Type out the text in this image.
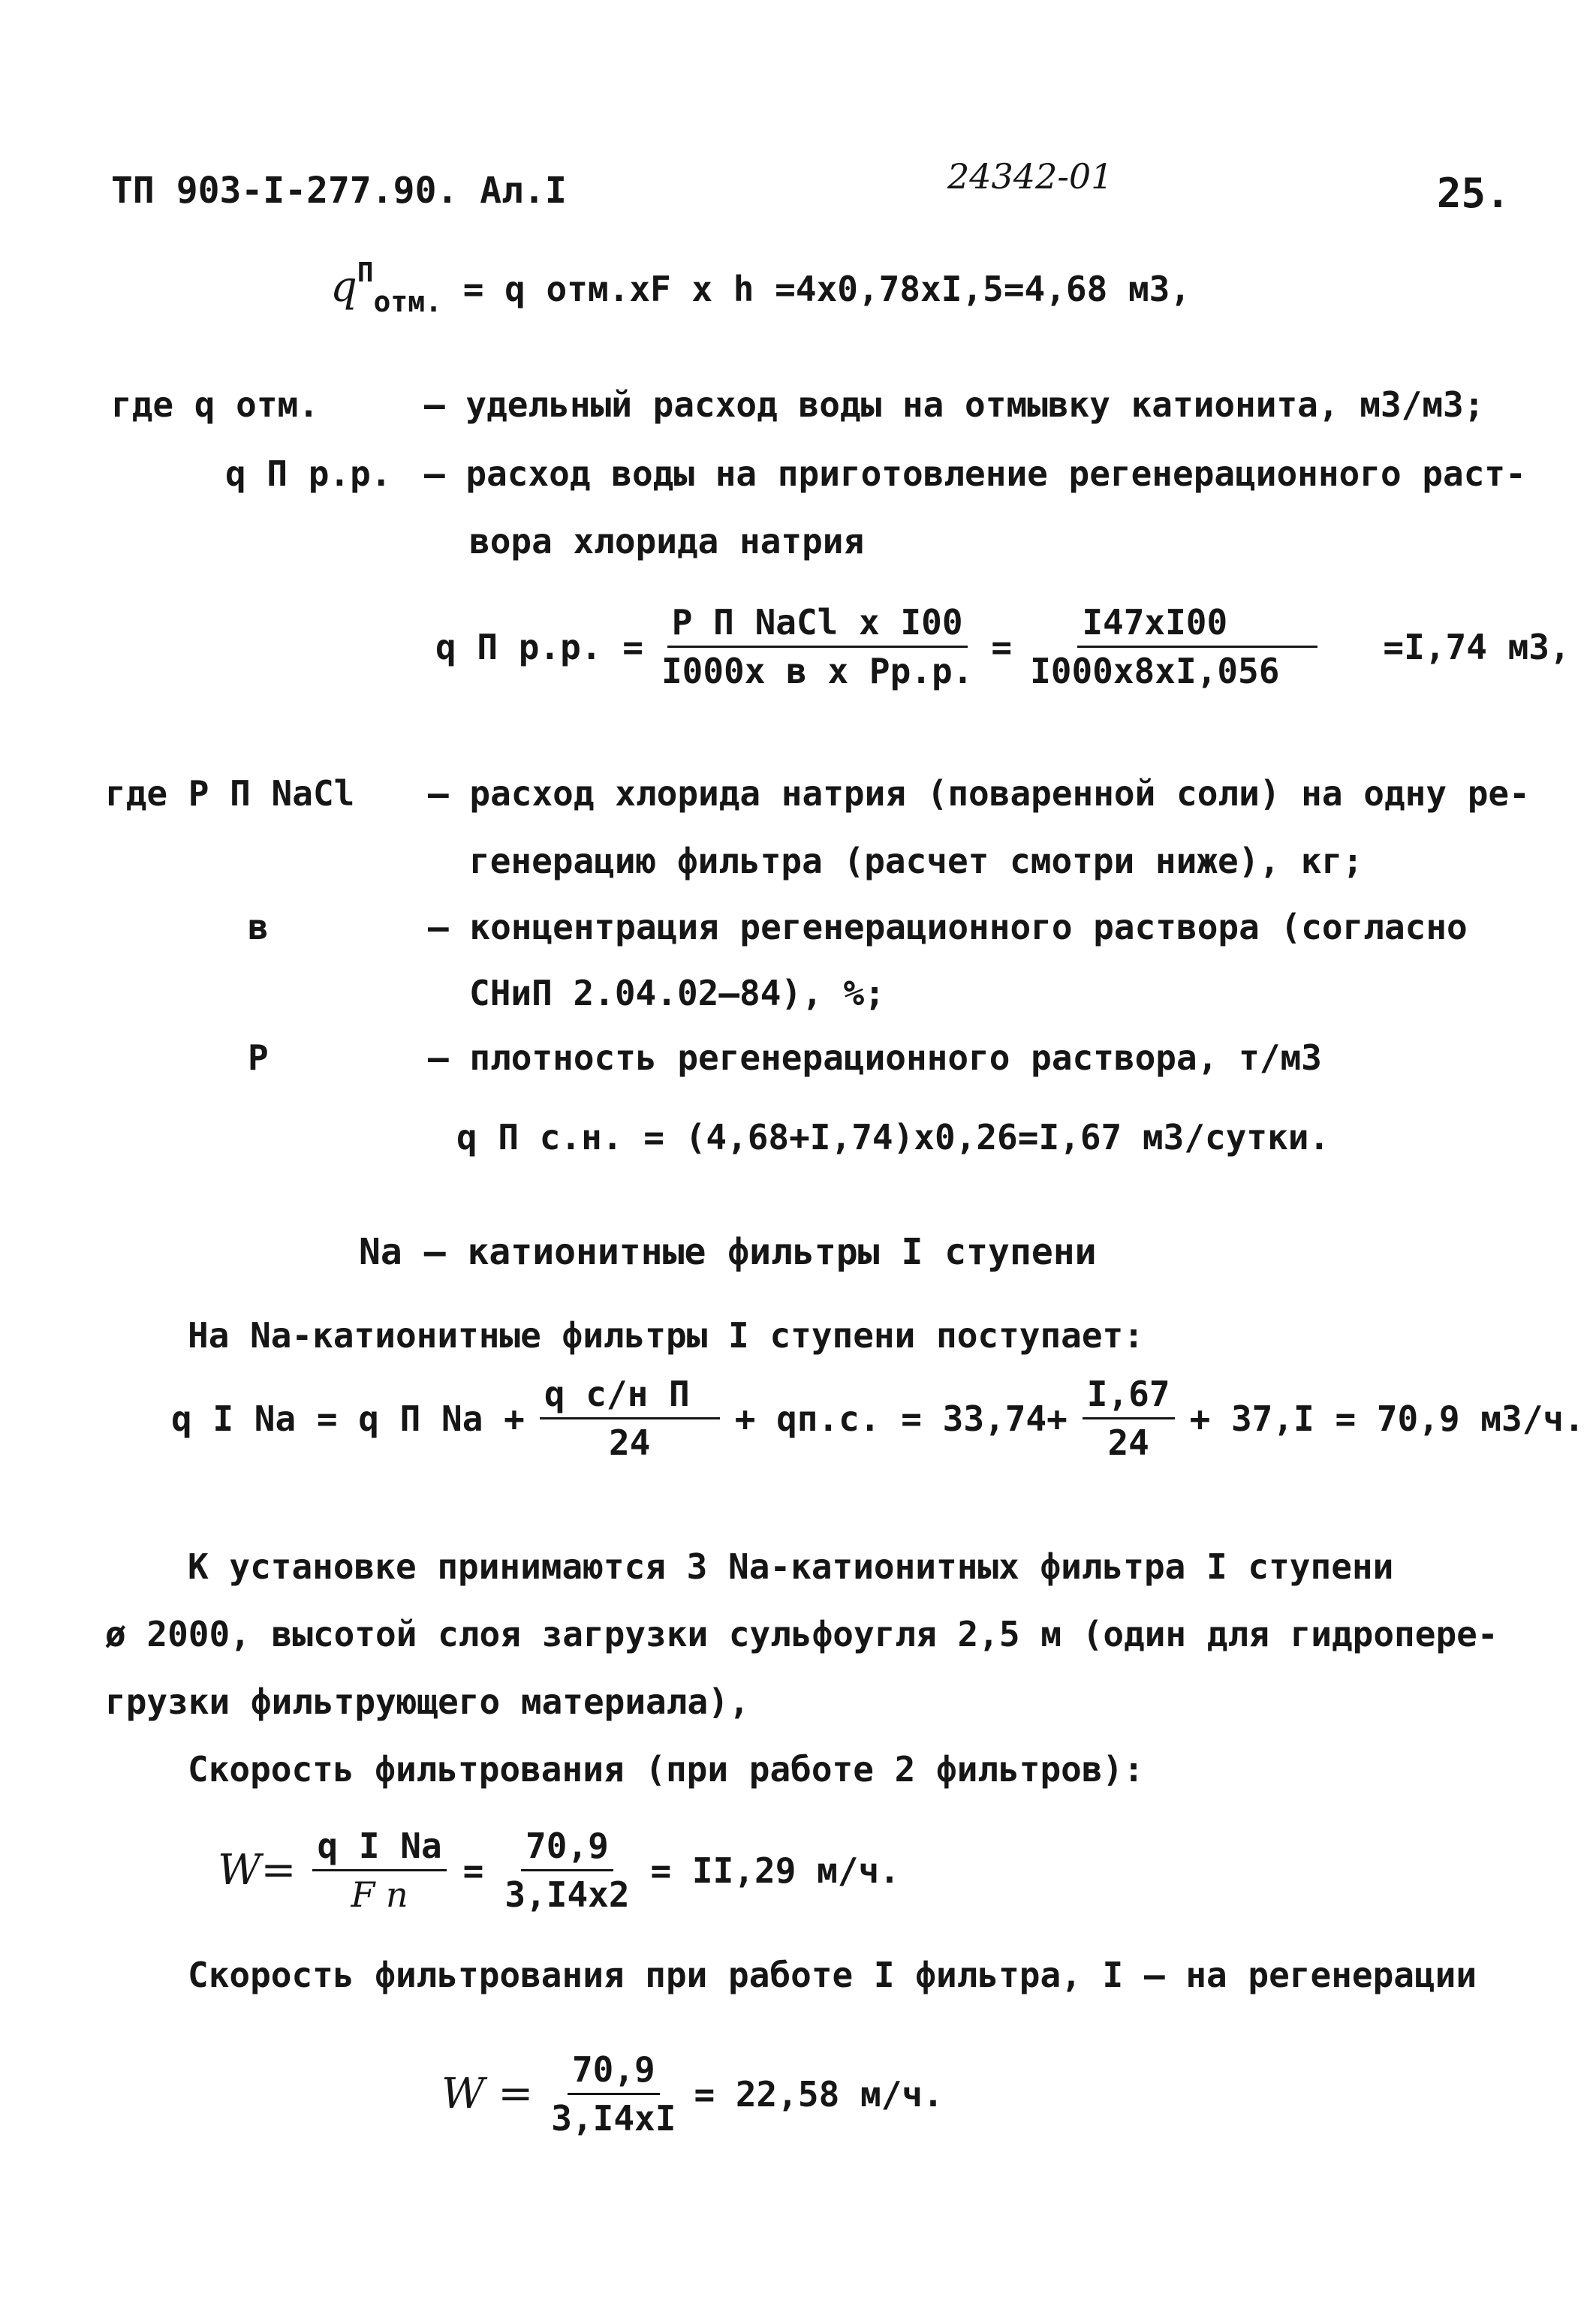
ТП 903-I-277.90. Ал.I	24342-01	25.
$q^П_{отм.} = q$ отм.xF x h =4x0,78xI,5=4,68 м3,
где q отм.	– удельный расход воды на отмывку катионита, м3/м3;
q П р.р. – расход воды на приготовление регенерационного раст-
вора хлорида натрия
q П р.р. = $\frac{\text{P П NaCl x I00}}{\text{I000x в x Pр.р.}} = \frac{I47xI00}{I000x8xI,056} =I,74$ м3,
где P П NaCl – расход хлорида натрия (поваренной соли) на одну ре-
генерацию фильтра (расчет смотри ниже), кг;
в	– концентрация регенерационного раствора (согласно
СНиП 2.04.02–84), %;
P	– плотность регенерационного раствора, т/м3
q П с.н. = (4,68+I,74)x0,26=I,67 м3/сутки.
Na – катионитные фильтры I ступени
На Na-катионитные фильтры I ступени поступает:
q I Na = q П $Na + \frac{\text{q с/н П}}{24} + qп.с$. = $33,74+ \frac{I,67}{24} + 37,I = 70,9$ м3/ч.
К установке принимаются 3 Na-катионитных фильтра I ступени
ø 2000, высотой слоя загрузки сульфоугля 2,5 м (один для гидропере-
грузки фильтрующего материала),
Скорость фильтрования (при работе 2 фильтров):
$W= \frac{\text{q I Na}}{\text{F n}} = \frac{70,9}{3,I4x2} = II,29$ м/ч.
Скорость фильтрования при работе I фильтра, I – на регенерации
$W = \frac{70,9}{3,I4xI} = 22,58$ м/ч.
